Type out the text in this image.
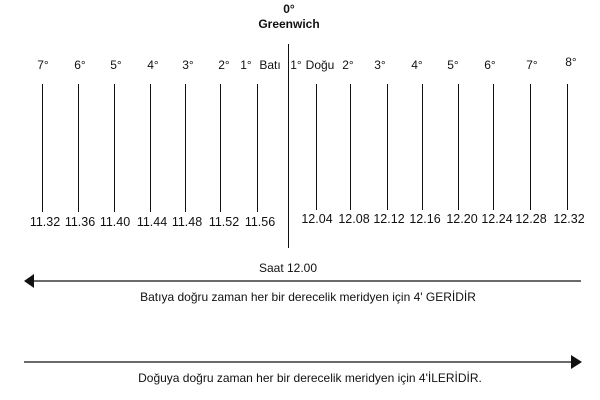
0°
Greenwich
7° 6° 5° 4° 3° 2° 1° Batı 1° Doğu 2° 3° 4° 5° 6°	7° 8°
11.32 11.36 11.40 11.44 11.48 11.52 11.56 12.04 12.08 12.12 12.16 12.20 12.24 12.28 12.32
Saat 12.00
Batıya doğru zaman her bir derecelik meridyen için 4' GERİDİR
Doğuya doğru zaman her bir derecelik meridyen için 4'İLERİDİR.
